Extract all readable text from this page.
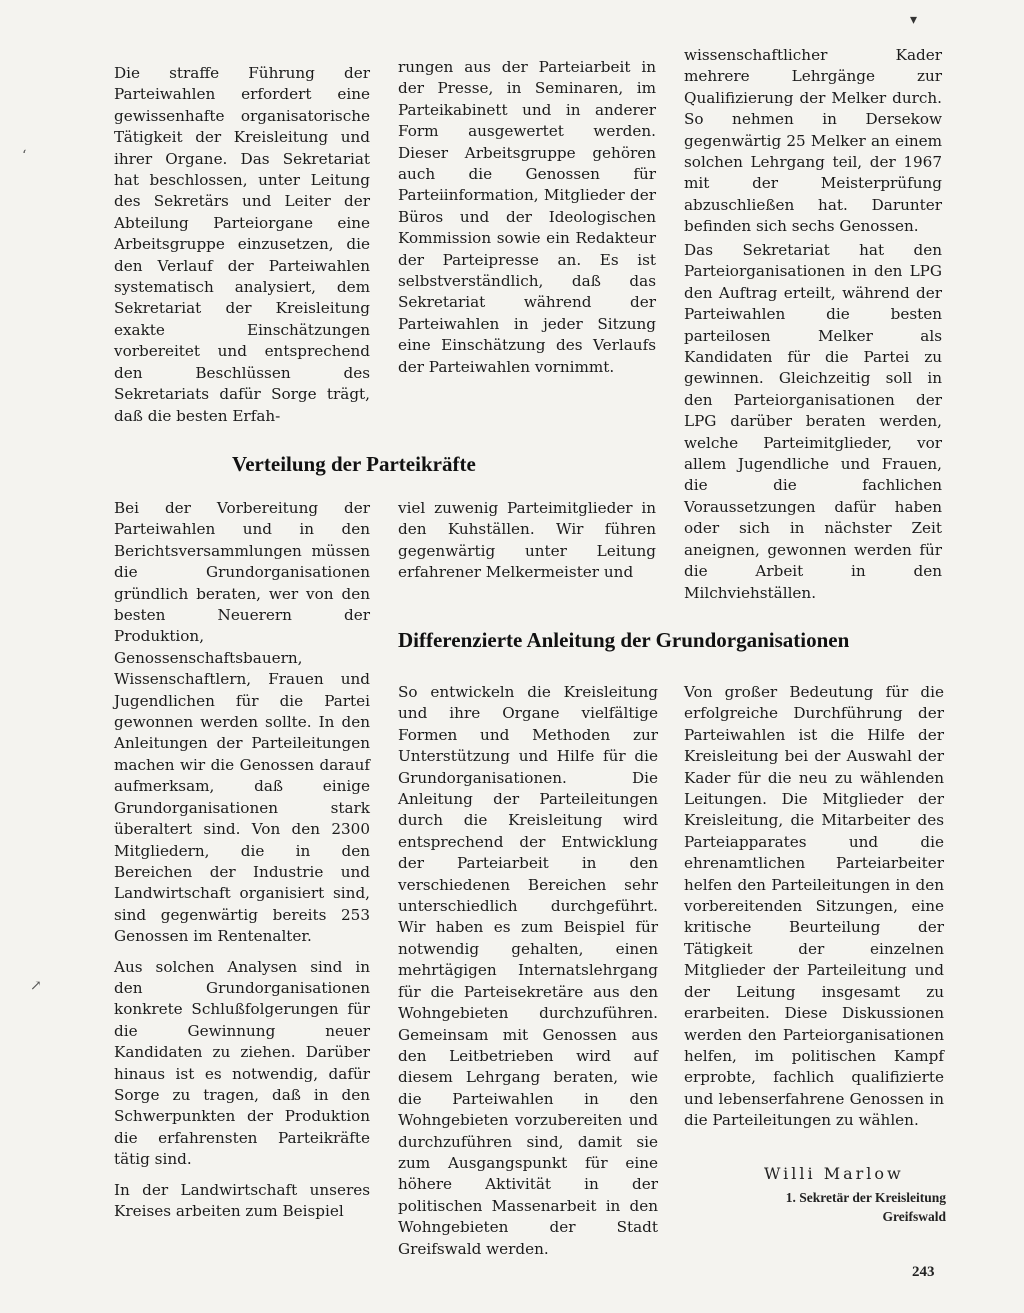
▾
‘
↗

Die straffe Führung der Parteiwahlen erfordert eine gewissenhafte organisatorische Tätigkeit der Kreisleitung und ihrer Organe. Das Sekretariat hat beschlossen, unter Leitung des Sekretärs und Leiter der Abteilung Parteiorgane eine Arbeitsgruppe einzusetzen, die den Verlauf der Parteiwahlen systematisch analysiert, dem Sekretariat der Kreisleitung exakte Einschätzungen vorbereitet und entsprechend den Beschlüssen des Sekretariats dafür Sorge trägt, daß die besten Erfah-

rungen aus der Parteiarbeit in der Presse, in Seminaren, im Parteikabinett und in anderer Form ausgewertet werden. Dieser Arbeitsgruppe gehören auch die Genossen für Parteiinformation, Mitglieder der Büros und der Ideologischen Kommission sowie ein Redakteur der Parteipresse an. Es ist selbstverständlich, daß das Sekretariat während der Parteiwahlen in jeder Sitzung eine Einschätzung des Verlaufs der Parteiwahlen vornimmt.

wissenschaftlicher Kader mehrere Lehrgänge zur Qualifizierung der Melker durch. So nehmen in Dersekow gegenwärtig 25 Melker an einem solchen Lehrgang teil, der 1967 mit der Meisterprüfung abzuschließen hat. Darunter befinden sich sechs Genossen.

Das Sekretariat hat den Parteiorganisationen in den LPG den Auftrag erteilt, während der Parteiwahlen die besten parteilosen Melker als Kandidaten für die Partei zu gewinnen. Gleichzeitig soll in den Parteiorganisationen der LPG darüber beraten werden, welche Parteimitglieder, vor allem Jugendliche und Frauen, die die fachlichen Voraussetzungen dafür haben oder sich in nächster Zeit aneignen, gewonnen werden für die Arbeit in den Milchviehställen.

Verteilung der Parteikräfte

Bei der Vorbereitung der Parteiwahlen und in den Berichtsversammlungen müssen die Grundorganisationen gründlich beraten, wer von den besten Neuerern der Produktion, Genossenschaftsbauern, Wissenschaftlern, Frauen und Jugendlichen für die Partei gewonnen werden sollte. In den Anleitungen der Parteileitungen machen wir die Genossen darauf aufmerksam, daß einige Grundorganisationen stark überaltert sind. Von den 2300 Mitgliedern, die in den Bereichen der Industrie und Landwirtschaft organisiert sind, sind gegenwärtig bereits 253 Genossen im Rentenalter.

Aus solchen Analysen sind in den Grundorganisationen konkrete Schlußfolgerungen für die Gewinnung neuer Kandidaten zu ziehen. Darüber hinaus ist es notwendig, dafür Sorge zu tragen, daß in den Schwerpunkten der Produktion die erfahrensten Parteikräfte tätig sind.

In der Landwirtschaft unseres Kreises arbeiten zum Beispiel

viel zuwenig Parteimitglieder in den Kuhställen. Wir führen gegenwärtig unter Leitung erfahrener Melkermeister und

Differenzierte Anleitung der Grundorganisationen

So entwickeln die Kreisleitung und ihre Organe vielfältige Formen und Methoden zur Unterstützung und Hilfe für die Grundorganisationen. Die Anleitung der Parteileitungen durch die Kreisleitung wird entsprechend der Entwicklung der Parteiarbeit in den verschiedenen Bereichen sehr unterschiedlich durchgeführt. Wir haben es zum Beispiel für notwendig gehalten, einen mehrtägigen Internatslehrgang für die Parteisekretäre aus den Wohngebieten durchzuführen. Gemeinsam mit Genossen aus den Leitbetrieben wird auf diesem Lehrgang beraten, wie die Parteiwahlen in den Wohngebieten vorzubereiten und durchzuführen sind, damit sie zum Ausgangspunkt für eine höhere Aktivität in der politischen Massenarbeit in den Wohngebieten der Stadt Greifswald werden.

Von großer Bedeutung für die erfolgreiche Durchführung der Parteiwahlen ist die Hilfe der Kreisleitung bei der Auswahl der Kader für die neu zu wählenden Leitungen. Die Mitglieder der Kreisleitung, die Mitarbeiter des Parteiapparates und die ehrenamtlichen Parteiarbeiter helfen den Parteileitungen in den vorbereitenden Sitzungen, eine kritische Beurteilung der Tätigkeit der einzelnen Mitglieder der Parteileitung und der Leitung insgesamt zu erarbeiten. Diese Diskussionen werden den Parteiorganisationen helfen, im politischen Kampf erprobte, fachlich qualifizierte und lebenserfahrene Genossen in die Parteileitungen zu wählen.

Willi Marlow
1. Sekretär der Kreisleitung
Greifswald
243
